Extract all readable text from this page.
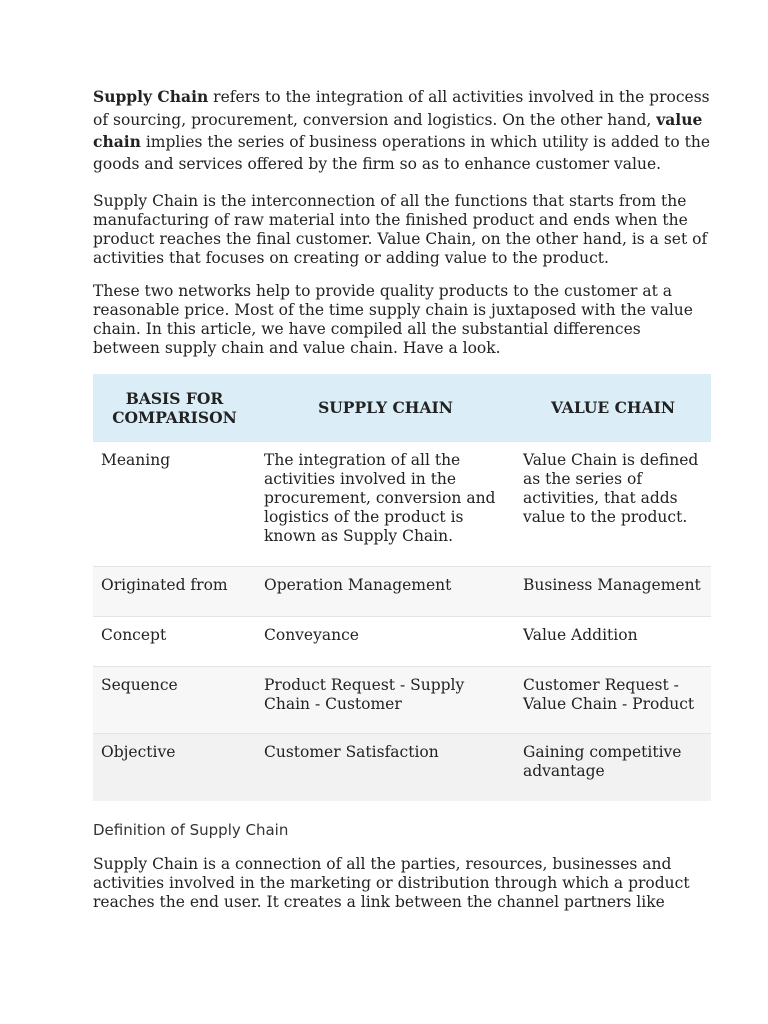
Supply Chain refers to the integration of all activities involved in the process of sourcing, procurement, conversion and logistics. On the other hand, value chain implies the series of business operations in which utility is added to the goods and services offered by the firm so as to enhance customer value.

Supply Chain is the interconnection of all the functions that starts from the manufacturing of raw material into the finished product and ends when the product reaches the final customer. Value Chain, on the other hand, is a set of activities that focuses on creating or adding value to the product.

These two networks help to provide quality products to the customer at a reasonable price. Most of the time supply chain is juxtaposed with the value chain. In this article, we have compiled all the substantial differences between supply chain and value chain. Have a look.

BASIS FOR COMPARISON	SUPPLY CHAIN	VALUE CHAIN
Meaning	The integration of all the activities involved in the procurement, conversion and logistics of the product is known as Supply Chain.	Value Chain is defined as the series of activities, that adds value to the product.
Originated from	Operation Management	Business Management
Concept	Conveyance	Value Addition
Sequence	Product Request - Supply Chain - Customer	Customer Request - Value Chain - Product
Objective	Customer Satisfaction	Gaining competitive advantage
Definition of Supply Chain

Supply Chain is a connection of all the parties, resources, businesses and activities involved in the marketing or distribution through which a product reaches the end user. It creates a link between the channel partners like
